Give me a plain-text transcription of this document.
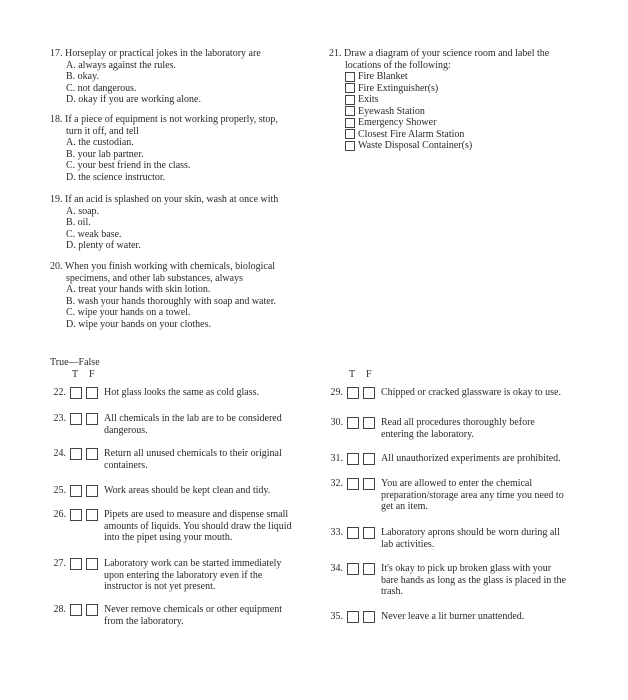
17. Horseplay or practical jokes in the laboratory are
A. always against the rules.
B. okay.
C. not dangerous.
D. okay if you are working alone.
18. If a piece of equipment is not working properly, stop,
turn it off, and tell
A. the custodian.
B. your lab partner.
C. your best friend in the class.
D. the science instructor.
19. If an acid is splashed on your skin, wash at once with
A. soap.
B. oil.
C. weak base.
D. plenty of water.
20. When you finish working with chemicals, biological
specimens, and other lab substances, always
A. treat your hands with skin lotion.
B. wash your hands thoroughly with soap and water.
C. wipe your hands on a towel.
D. wipe your hands on your clothes.
21. Draw a diagram of your science room and label the
locations of the following:
Fire Blanket
Fire Extinguisher(s)
Exits
Eyewash Station
Emergency Shower
Closest Fire Alarm Station
Waste Disposal Container(s)
True—False
T F	T F
22.	Hot glass looks the same as cold glass.
23.	All chemicals in the lab are to be considered
dangerous.
24.	Return all unused chemicals to their original
containers.
25.	Work areas should be kept clean and tidy.
26.	Pipets are used to measure and dispense small
amounts of liquids. You should draw the liquid
into the pipet using your mouth.
27.	Laboratory work can be started immediately
upon entering the laboratory even if the
instructor is not yet present.
28.	Never remove chemicals or other equipment
from the laboratory.
29.	Chipped or cracked glassware is okay to use.
30.	Read all procedures thoroughly before
entering the laboratory.
31.	All unauthorized experiments are prohibited.
32.	You are allowed to enter the chemical
preparation/storage area any time you need to
get an item.
33.	Laboratory aprons should be worn during all
lab activities.
34.	It's okay to pick up broken glass with your
bare hands as long as the glass is placed in the
trash.
35.	Never leave a lit burner unattended.
